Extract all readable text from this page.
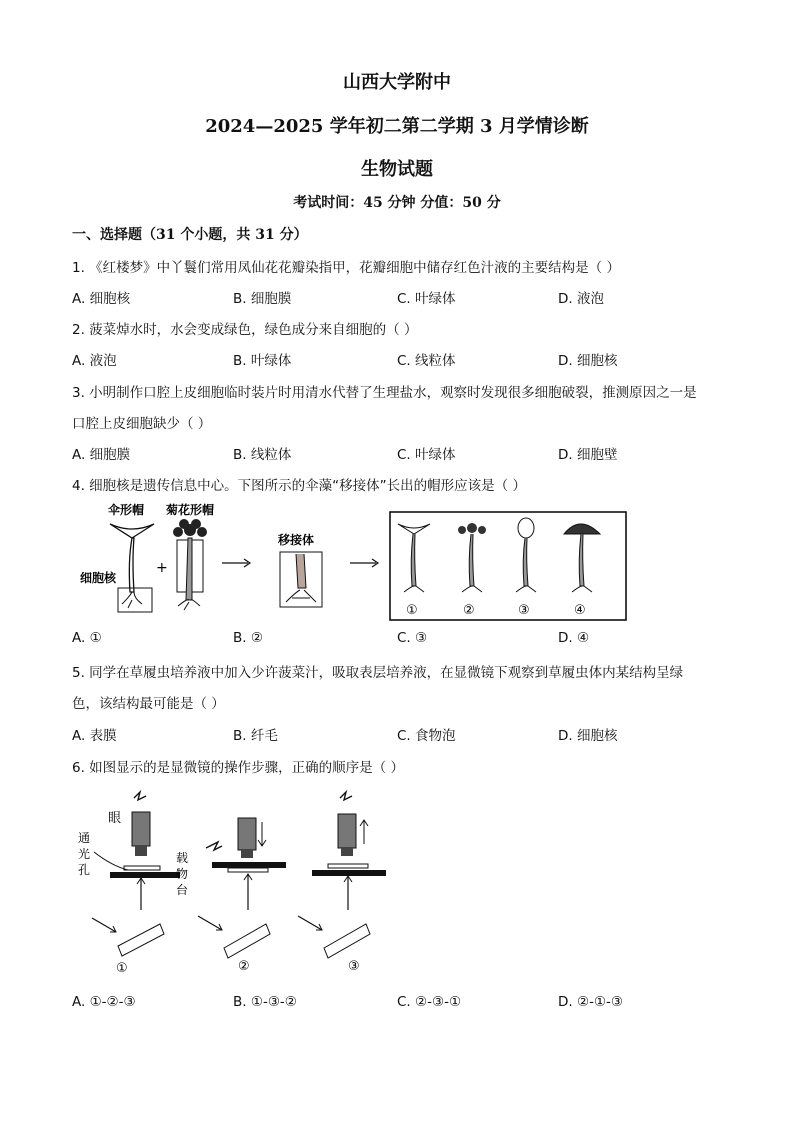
山西大学附中
2024—2025 学年初二第二学期 3 月学情诊断
生物试题
考试时间：45 分钟 分值：50 分
一、选择题（31 个小题，共 31 分）
1. 《红楼梦》中丫鬟们常用凤仙花花瓣染指甲，花瓣细胞中储存红色汁液的主要结构是（ ）
A. 细胞核	B. 细胞膜	C. 叶绿体	D. 液泡
2. 菠菜焯水时，水会变成绿色，绿色成分来自细胞的（ ）
A. 液泡	B. 叶绿体	C. 线粒体	D. 细胞核
3. 小明制作口腔上皮细胞临时装片时用清水代替了生理盐水，观察时发现很多细胞破裂，推测原因之一是
口腔上皮细胞缺少（ ）
A. 细胞膜	B. 线粒体	C. 叶绿体	D. 细胞壁
4. 细胞核是遗传信息中心。下图所示的伞藻“移接体”长出的帽形应该是（ ）
伞形帽 菊花形帽
细胞核
+
移接体
①	②	③	④
A. ①	B. ②	C. ③	D. ④
5. 同学在草履虫培养液中加入少许菠菜汁，吸取表层培养液，在显微镜下观察到草履虫体内某结构呈绿
色，该结构最可能是（ ）
A. 表膜	B. 纤毛	C. 食物泡	D. 细胞核
6. 如图显示的是显微镜的操作步骤，正确的顺序是（ ）
眼
通
光
孔
载
物
台
①	②	③
A. ①-②-③	B. ①-③-②	C. ②-③-①	D. ②-①-③
